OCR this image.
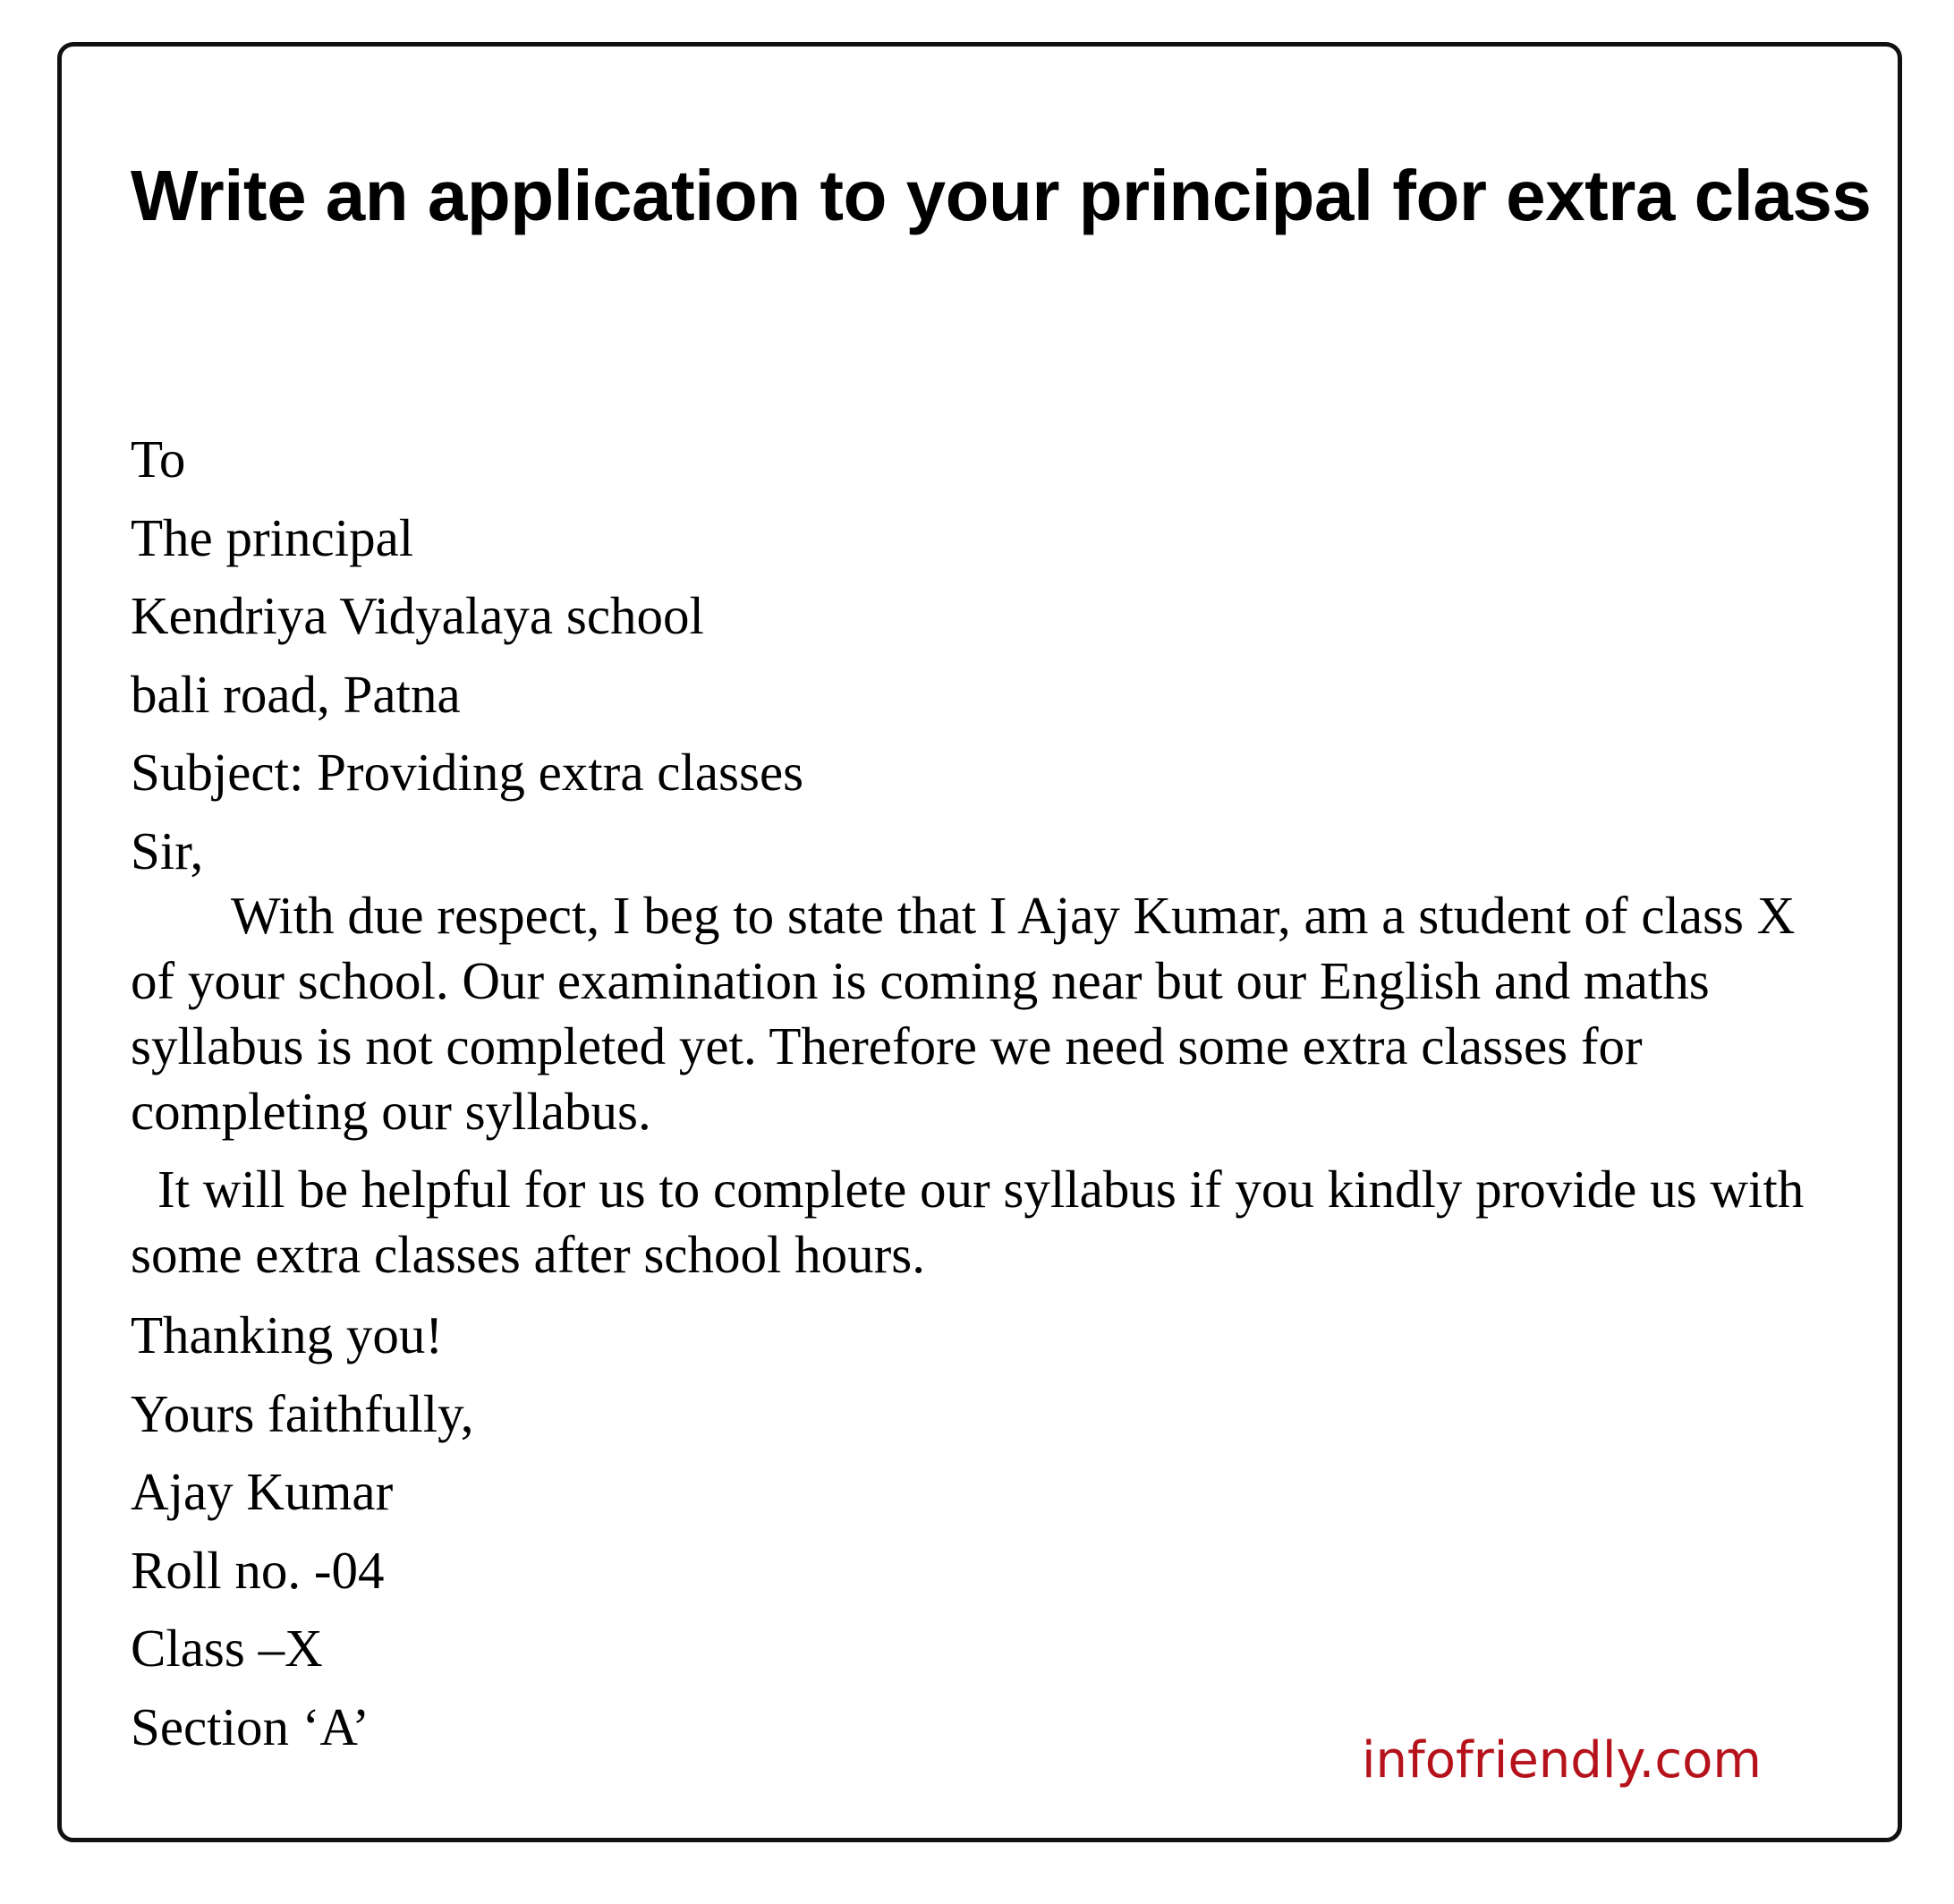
Write an application to your principal for extra class
To
The principal
Kendriya Vidyalaya school
bali road, Patna
Subject: Providing extra classes
Sir,

With due respect, I beg to state that I Ajay Kumar, am a student of class X of your school. Our examination is coming near but our English and maths syllabus is not completed yet. Therefore we need some extra classes for completing our syllabus.

It will be helpful for us to complete our syllabus if you kindly provide us with some extra classes after school hours.

Thanking you!
Yours faithfully,
Ajay Kumar
Roll no. -04
Class –X
Section ‘A’
infofriendly.com
